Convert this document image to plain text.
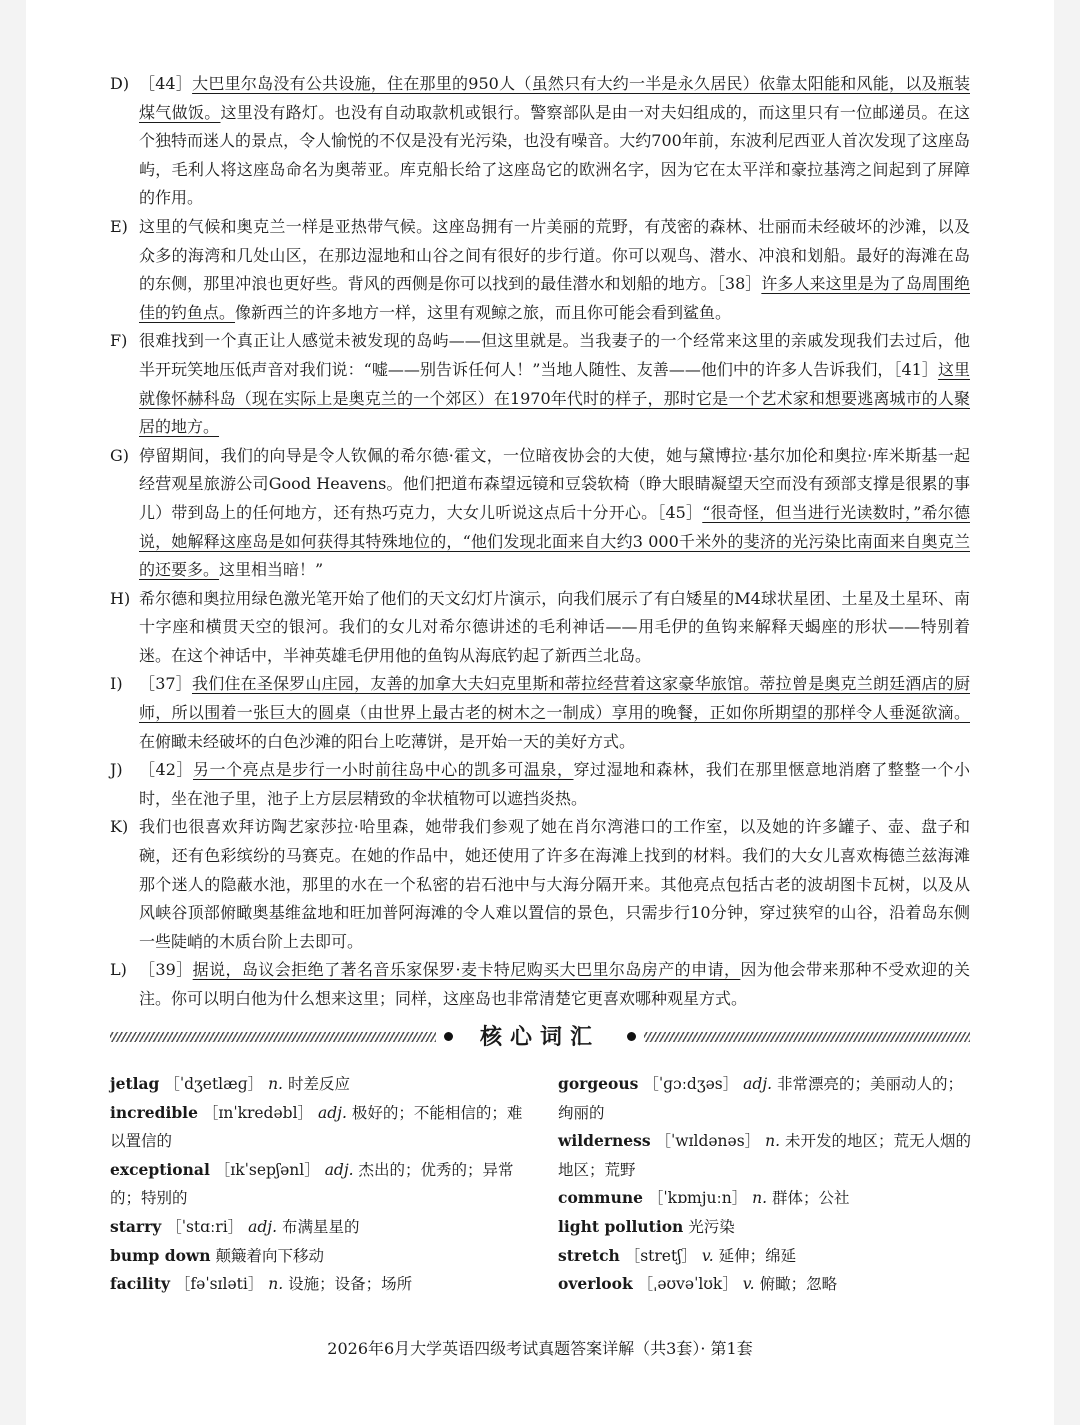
D) ［44］大巴里尔岛没有公共设施，住在那里的950人（虽然只有大约一半是永久居民）依靠太阳能和风能，以及瓶装煤气做饭。这里没有路灯。也没有自动取款机或银行。警察部队是由一对夫妇组成的，而这里只有一位邮递员。在这个独特而迷人的景点，令人愉悦的不仅是没有光污染，也没有噪音。大约700年前，东波利尼西亚人首次发现了这座岛屿，毛利人将这座岛命名为奥蒂亚。库克船长给了这座岛它的欧洲名字，因为它在太平洋和豪拉基湾之间起到了屏障的作用。
E) 这里的气候和奥克兰一样是亚热带气候。这座岛拥有一片美丽的荒野，有茂密的森林、壮丽而未经破坏的沙滩，以及众多的海湾和几处山区，在那边湿地和山谷之间有很好的步行道。你可以观鸟、潜水、冲浪和划船。最好的海滩在岛的东侧，那里冲浪也更好些。背风的西侧是你可以找到的最佳潜水和划船的地方。［38］许多人来这里是为了岛周围绝佳的钓鱼点。像新西兰的许多地方一样，这里有观鲸之旅，而且你可能会看到鲨鱼。
F) 很难找到一个真正让人感觉未被发现的岛屿——但这里就是。当我妻子的一个经常来这里的亲戚发现我们去过后，他半开玩笑地压低声音对我们说：“嘘——别告诉任何人！”当地人随性、友善——他们中的许多人告诉我们，［41］这里就像怀赫科岛（现在实际上是奥克兰的一个郊区）在1970年代时的样子，那时它是一个艺术家和想要逃离城市的人聚居的地方。
G) 停留期间，我们的向导是令人钦佩的希尔德·霍文，一位暗夜协会的大使，她与黛博拉·基尔加伦和奥拉·库米斯基一起经营观星旅游公司Good Heavens。他们把道布森望远镜和豆袋软椅（睁大眼睛凝望天空而没有颈部支撑是很累的事儿）带到岛上的任何地方，还有热巧克力，大女儿听说这点后十分开心。［45］“很奇怪，但当进行光读数时，”希尔德说，她解释这座岛是如何获得其特殊地位的，“他们发现北面来自大约3 000千米外的斐济的光污染比南面来自奥克兰的还要多。这里相当暗！”
H) 希尔德和奥拉用绿色激光笔开始了他们的天文幻灯片演示，向我们展示了有白矮星的M4球状星团、土星及土星环、南十字座和横贯天空的银河。我们的女儿对希尔德讲述的毛利神话——用毛伊的鱼钩来解释天蝎座的形状——特别着迷。在这个神话中，半神英雄毛伊用他的鱼钩从海底钓起了新西兰北岛。
I) ［37］我们住在圣保罗山庄园，友善的加拿大夫妇克里斯和蒂拉经营着这家豪华旅馆。蒂拉曾是奥克兰朗廷酒店的厨师，所以围着一张巨大的圆桌（由世界上最古老的树木之一制成）享用的晚餐，正如你所期望的那样令人垂涎欲滴。在俯瞰未经破坏的白色沙滩的阳台上吃薄饼，是开始一天的美好方式。
J) ［42］另一个亮点是步行一小时前往岛中心的凯多可温泉，穿过湿地和森林，我们在那里惬意地消磨了整整一个小时，坐在池子里，池子上方层层精致的伞状植物可以遮挡炎热。
K) 我们也很喜欢拜访陶艺家莎拉·哈里森，她带我们参观了她在肖尔湾港口的工作室，以及她的许多罐子、壶、盘子和碗，还有色彩缤纷的马赛克。在她的作品中，她还使用了许多在海滩上找到的材料。我们的大女儿喜欢梅德兰兹海滩那个迷人的隐蔽水池，那里的水在一个私密的岩石池中与大海分隔开来。其他亮点包括古老的波胡图卡瓦树，以及从风峡谷顶部俯瞰奥基维盆地和旺加普阿海滩的令人难以置信的景色，只需步行10分钟，穿过狭窄的山谷，沿着岛东侧一些陡峭的木质台阶上去即可。
L) ［39］据说，岛议会拒绝了著名音乐家保罗·麦卡特尼购买大巴里尔岛房产的申请，因为他会带来那种不受欢迎的关注。你可以明白他为什么想来这里；同样，这座岛也非常清楚它更喜欢哪种观星方式。
核心词汇

jetlag ［ˈdʒetlæɡ］ n. 时差反应

incredible ［ɪnˈkredəbl］ adj. 极好的；不能相信的；难以置信的

exceptional ［ɪkˈsepʃənl］ adj. 杰出的；优秀的；异常的；特别的

starry ［ˈstɑːri］ adj. 布满星星的

bump down 颠簸着向下移动

facility ［fəˈsɪləti］ n. 设施；设备；场所

gorgeous ［ˈɡɔːdʒəs］ adj. 非常漂亮的；美丽动人的；绚丽的

wilderness ［ˈwɪldənəs］ n. 未开发的地区；荒无人烟的地区；荒野

commune ［ˈkɒmjuːn］ n. 群体；公社

light pollution 光污染

stretch ［stretʃ］ v. 延伸；绵延

overlook ［ˌəʊvəˈlʊk］ v. 俯瞰；忽略

2026年6月大学英语四级考试真题答案详解（共3套）· 第1套
